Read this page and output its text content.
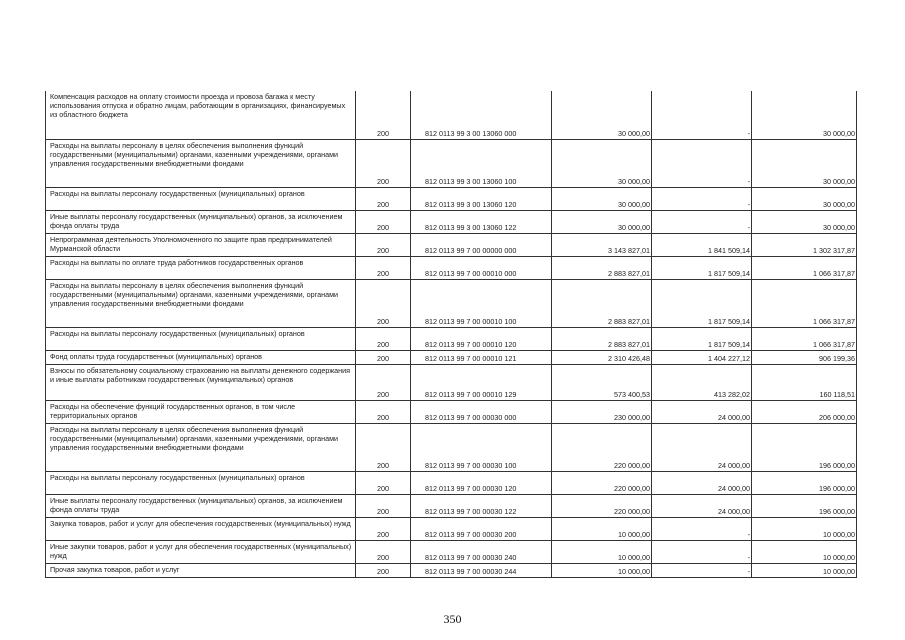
Компенсация расходов на оплату стоимости проезда и провоза багажа к месту использования отпуска и обратно лицам, работающим в организациях, финансируемых из областного бюджета	200	812 0113 99 3 00 13060 000	30 000,00	-	30 000,00
Расходы на выплаты персоналу в целях обеспечения выполнения функций государственными (муниципальными) органами, казенными учреждениями, органами управления государственными внебюджетными фондами	200	812 0113 99 3 00 13060 100	30 000,00	-	30 000,00
Расходы на выплаты персоналу государственных (муниципальных) органов	200	812 0113 99 3 00 13060 120	30 000,00	-	30 000,00
Иные выплаты персоналу государственных (муниципальных) органов, за исключением фонда оплаты труда	200	812 0113 99 3 00 13060 122	30 000,00	-	30 000,00
Непрограммная деятельность Уполномоченного по защите прав предпринимателей Мурманской области	200	812 0113 99 7 00 00000 000	3 143 827,01	1 841 509,14	1 302 317,87
Расходы на выплаты по оплате труда работников государственных органов	200	812 0113 99 7 00 00010 000	2 883 827,01	1 817 509,14	1 066 317,87
Расходы на выплаты персоналу в целях обеспечения выполнения функций государственными (муниципальными) органами, казенными учреждениями, органами управления государственными внебюджетными фондами	200	812 0113 99 7 00 00010 100	2 883 827,01	1 817 509,14	1 066 317,87
Расходы на выплаты персоналу государственных (муниципальных) органов	200	812 0113 99 7 00 00010 120	2 883 827,01	1 817 509,14	1 066 317,87
Фонд оплаты труда государственных (муниципальных) органов	200	812 0113 99 7 00 00010 121	2 310 426,48	1 404 227,12	906 199,36
Взносы по обязательному социальному страхованию на выплаты денежного содержания и иные выплаты работникам государственных (муниципальных) органов	200	812 0113 99 7 00 00010 129	573 400,53	413 282,02	160 118,51
Расходы на обеспечение функций государственных органов, в том числе территориальных органов	200	812 0113 99 7 00 00030 000	230 000,00	24 000,00	206 000,00
Расходы на выплаты персоналу в целях обеспечения выполнения функций государственными (муниципальными) органами, казенными учреждениями, органами управления государственными внебюджетными фондами	200	812 0113 99 7 00 00030 100	220 000,00	24 000,00	196 000,00
Расходы на выплаты персоналу государственных (муниципальных) органов	200	812 0113 99 7 00 00030 120	220 000,00	24 000,00	196 000,00
Иные выплаты персоналу государственных (муниципальных) органов, за исключением фонда оплаты труда	200	812 0113 99 7 00 00030 122	220 000,00	24 000,00	196 000,00
Закупка товаров, работ и услуг для обеспечения государственных (муниципальных) нужд	200	812 0113 99 7 00 00030 200	10 000,00	-	10 000,00
Иные закупки товаров, работ и услуг для обеспечения государственных (муниципальных) нужд	200	812 0113 99 7 00 00030 240	10 000,00	-	10 000,00
Прочая закупка товаров, работ и услуг	200	812 0113 99 7 00 00030 244	10 000,00	-	10 000,00
350
